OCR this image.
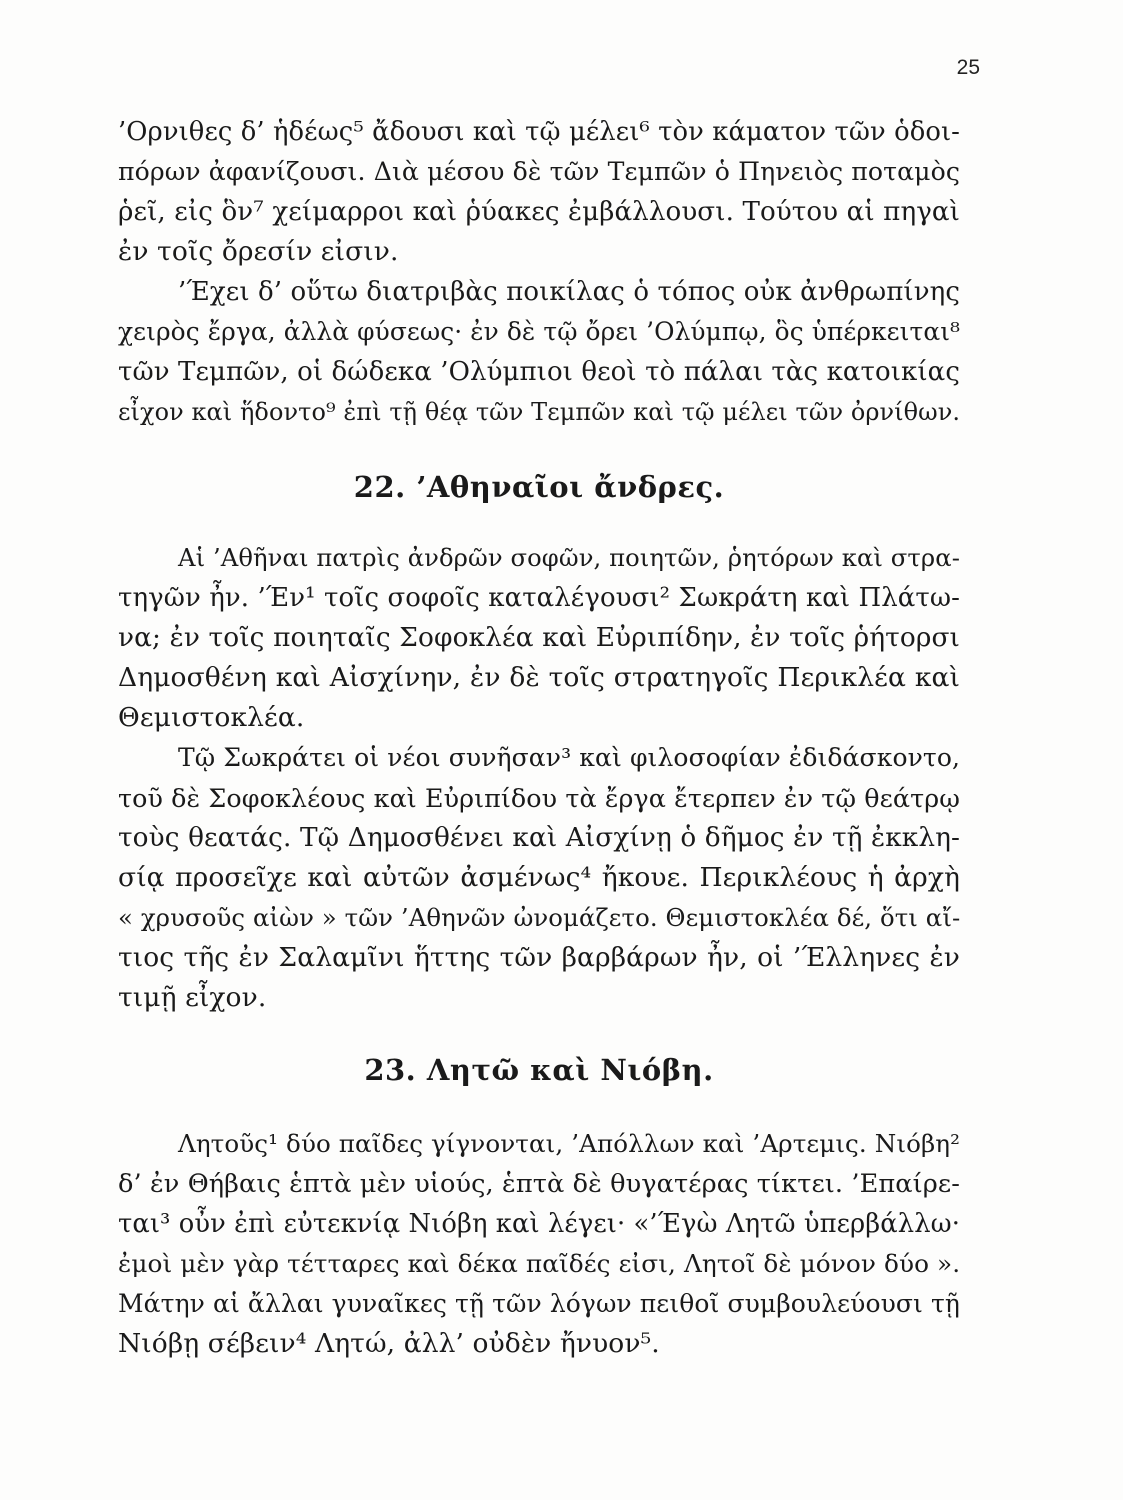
25
’Ορνιθες δ’ ἡδέως⁵ ἄδουσι καὶ τῷ μέλει⁶ τὸν κάματον τῶν ὁδοι-
πόρων ἀφανίζουσι. Διὰ μέσου δὲ τῶν Τεμπῶν ὁ Πηνειὸς ποταμὸς
ῥεῖ, εἰς ὃν⁷ χείμαρροι καὶ ῥύακες ἐμβάλλουσι. Τούτου αἱ πηγαὶ
ἐν τοῖς ὄρεσίν εἰσιν.
’Έχει δ’ οὕτω διατριβὰς ποικίλας ὁ τόπος οὐκ ἀνθρωπίνης
χειρὸς ἔργα, ἀλλὰ φύσεως· ἐν δὲ τῷ ὄρει ’Ολύμπῳ, ὃς ὑπέρκειται⁸
τῶν Τεμπῶν, οἱ δώδεκα ’Ολύμπιοι θεοὶ τὸ πάλαι τὰς κατοικίας
εἶχον καὶ ἥδοντο⁹ ἐπὶ τῇ θέᾳ τῶν Τεμπῶν καὶ τῷ μέλει τῶν ὀρνίθων.
22. ’Αθηναῖοι ἄνδρες.
Αἱ ’Αθῆναι πατρὶς ἀνδρῶν σοφῶν, ποιητῶν, ῥητόρων καὶ στρα-
τηγῶν ἦν. ’Έν¹ τοῖς σοφοῖς καταλέγουσι² Σωκράτη καὶ Πλάτω-
να; ἐν τοῖς ποιηταῖς Σοφοκλέα καὶ Εὐριπίδην, ἐν τοῖς ῥήτορσι
Δημοσθένη καὶ Αἰσχίνην, ἐν δὲ τοῖς στρατηγοῖς Περικλέα καὶ
Θεμιστοκλέα.
Τῷ Σωκράτει οἱ νέοι συνῆσαν³ καὶ φιλοσοφίαν ἐδιδάσκοντο,
τοῦ δὲ Σοφοκλέους καὶ Εὐριπίδου τὰ ἔργα ἔτερπεν ἐν τῷ θεάτρῳ
τοὺς θεατάς. Τῷ Δημοσθένει καὶ Αἰσχίνῃ ὁ δῆμος ἐν τῇ ἐκκλη-
σίᾳ προσεῖχε καὶ αὐτῶν ἀσμένως⁴ ἤκουε. Περικλέους ἡ ἀρχὴ
« χρυσοῦς αἰὼν » τῶν ’Αθηνῶν ὠνομάζετο. Θεμιστοκλέα δέ, ὅτι αἴ-
τιος τῆς ἐν Σαλαμῖνι ἥττης τῶν βαρβάρων ἦν, οἱ ’Έλληνες ἐν
τιμῇ εἶχον.
23. Λητῶ καὶ Νιόβη.
Λητοῦς¹ δύο παῖδες γίγνονται, ’Απόλλων καὶ ’Αρτεμις. Νιόβη²
δ’ ἐν Θήβαις ἑπτὰ μὲν υἱούς, ἑπτὰ δὲ θυγατέρας τίκτει. ’Επαίρε-
ται³ οὖν ἐπὶ εὐτεκνίᾳ Νιόβη καὶ λέγει· «’Έγὼ Λητῶ ὑπερβάλλω·
ἐμοὶ μὲν γὰρ τέτταρες καὶ δέκα παῖδές εἰσι, Λητοῖ δὲ μόνον δύο ».
Μάτην αἱ ἄλλαι γυναῖκες τῇ τῶν λόγων πειθοῖ συμβουλεύουσι τῇ
Νιόβῃ σέβειν⁴ Λητώ, ἀλλ’ οὐδὲν ἤνυον⁵.
